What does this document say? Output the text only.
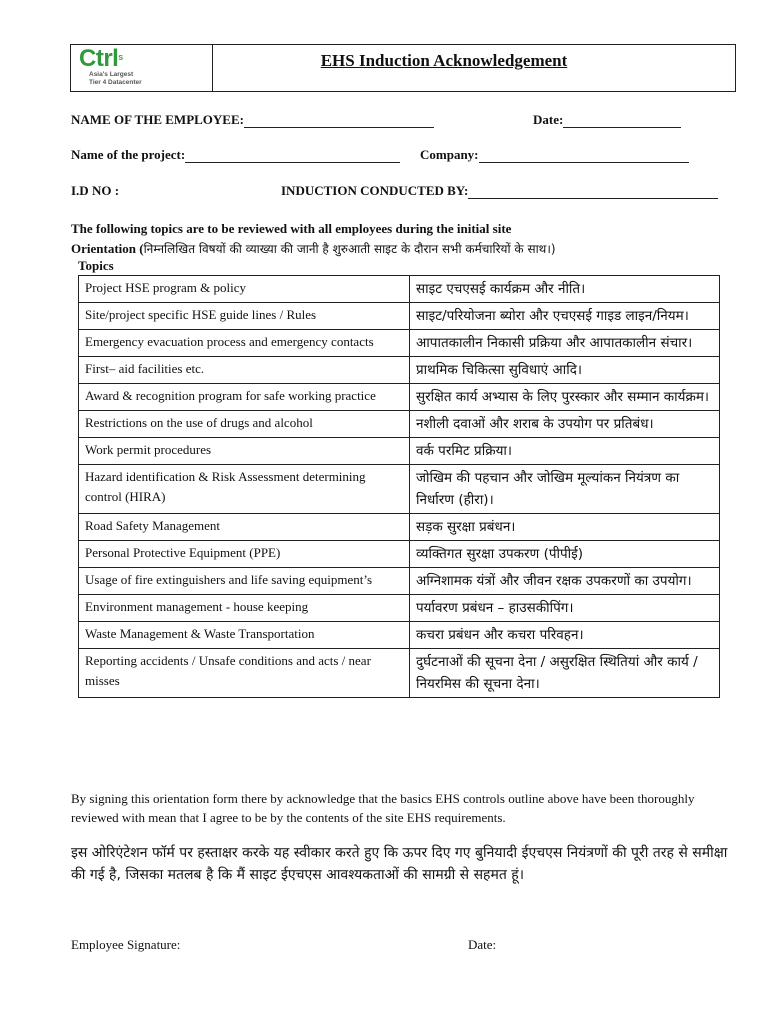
Ctrl$^S$
Asia's Largest
Tier 4 Datacenter
EHS Induction Acknowledgement
NAME OF THE EMPLOYEE:	Date:
Name of the project:	Company:
I.D NO :	INDUCTION CONDUCTED BY:
The following topics are to be reviewed with all employees during the initial site
Orientation (निम्नलिखित विषयों की व्याख्या की जानी है शुरुआती साइट के दौरान सभी कर्मचारियों के साथ।)
Topics
Project HSE program & policy	साइट एचएसई कार्यक्रम और नीति।
Site/project specific HSE guide lines / Rules	साइट/परियोजना ब्योरा और एचएसई गाइड लाइन/नियम।
Emergency evacuation process and emergency contacts	आपातकालीन निकासी प्रक्रिया और आपातकालीन संचार।
First– aid facilities etc.	प्राथमिक चिकित्सा सुविधाएं आदि।
Award & recognition program for safe working practice	सुरक्षित कार्य अभ्यास के लिए पुरस्कार और सम्मान कार्यक्रम।
Restrictions on the use of drugs and alcohol	नशीली दवाओं और शराब के उपयोग पर प्रतिबंध।
Work permit procedures	वर्क परमिट प्रक्रिया।
Hazard identification & Risk Assessment determining control (HIRA)	जोखिम की पहचान और जोखिम मूल्यांकन नियंत्रण का निर्धारण (हीरा)।
Road Safety Management	सड़क सुरक्षा प्रबंधन।
Personal Protective Equipment (PPE)	व्यक्तिगत सुरक्षा उपकरण (पीपीई)
Usage of fire extinguishers and life saving equipment’s	अग्निशामक यंत्रों और जीवन रक्षक उपकरणों का उपयोग।
Environment management - house keeping	पर्यावरण प्रबंधन – हाउसकीपिंग।
Waste Management & Waste Transportation	कचरा प्रबंधन और कचरा परिवहन।
Reporting accidents / Unsafe conditions and acts / near misses	दुर्घटनाओं की सूचना देना / असुरक्षित स्थितियां और कार्य / नियरमिस की सूचना देना।
By signing this orientation form there by acknowledge that the basics EHS controls outline above have been thoroughly reviewed with mean that I agree to be by the contents of the site EHS requirements.
इस ओरिएंटेशन फॉर्म पर हस्ताक्षर करके यह स्वीकार करते हुए कि ऊपर दिए गए बुनियादी ईएचएस नियंत्रणों की पूरी तरह से समीक्षा की गई है, जिसका मतलब है कि मैं साइट ईएचएस आवश्यकताओं की सामग्री से सहमत हूं।
Employee Signature:	Date:
